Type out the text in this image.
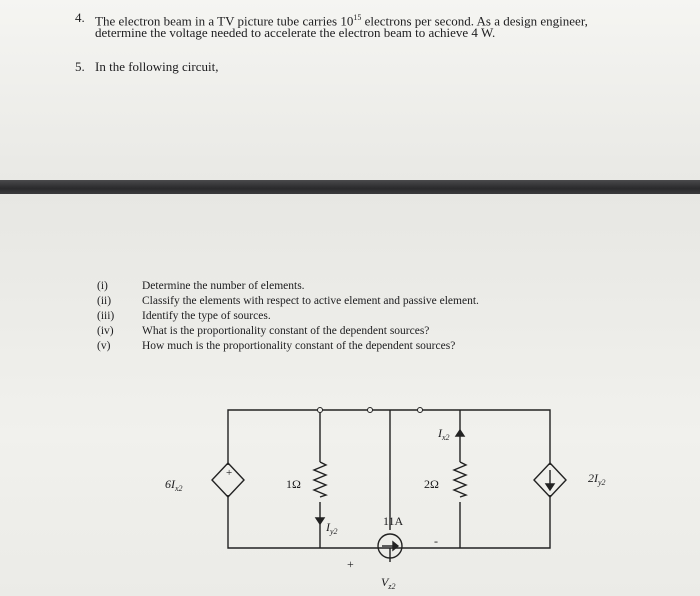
4. The electron beam in a TV picture tube carries $10^{15}$ electrons per second. As a design engineer,
determine the voltage needed to accelerate the electron beam to achieve 4 W.
5. In the following circuit,
(i)	Determine the number of elements.
(ii)	Classify the elements with respect to active element and passive element.
(iii)	Identify the type of sources.
(iv)	What is the proportionality constant of the dependent sources?
(v)	How much is the proportionality constant of the dependent sources?
+
$6I_{x2}$	1Ω
$I_{y2}$
11A
+
$V_{z2}$
$I_{x2}$
2Ω
-
$2I_{y2}$
